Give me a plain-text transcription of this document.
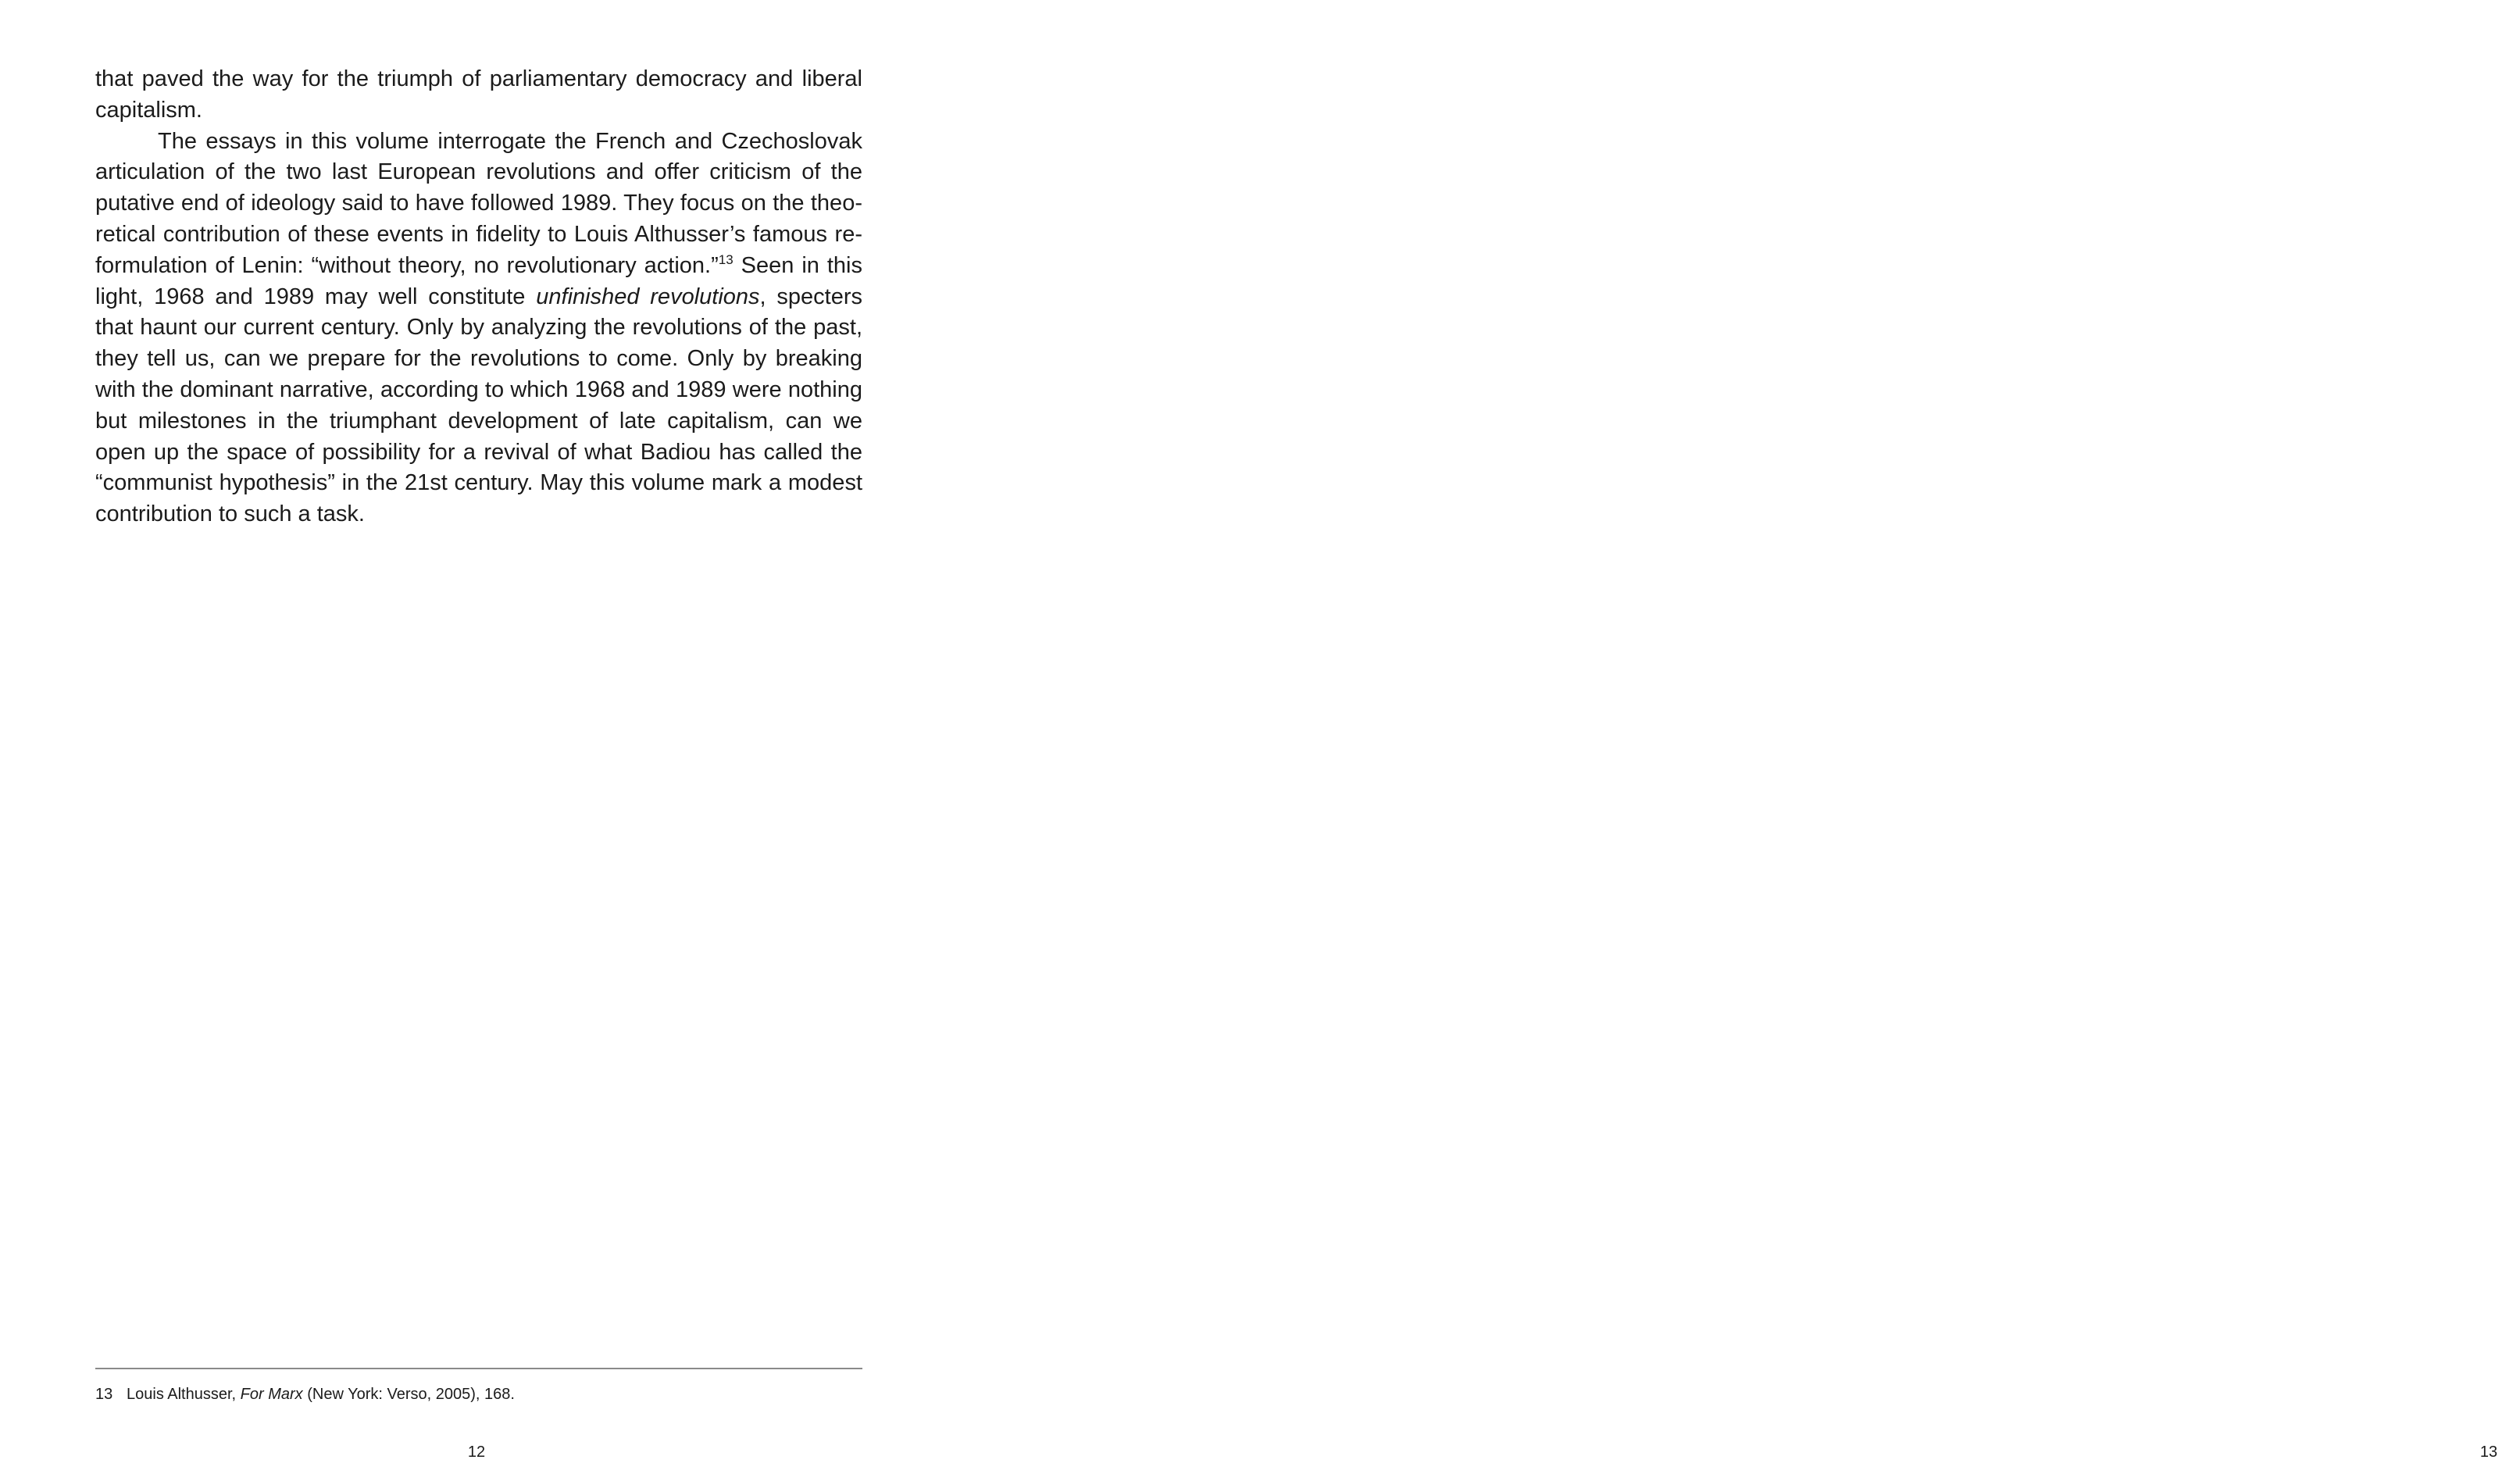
that paved the way for the triumph of parliamentary democracy and liberal capitalism.

The essays in this volume interrogate the French and Czechoslovak articulation of the two last European revolutions and offer criticism of the putative end of ideology said to have followed 1989. They focus on the theoretical contribution of these events in fidelity to Louis Althusser’s famous reformulation of Lenin: “without theory, no revolutionary action.”$^{13}$ Seen in this light, 1968 and 1989 may well constitute unfinished revolutions, specters that haunt our current century. Only by analyzing the revolutions of the past, they tell us, can we prepare for the revolutions to come. Only by breaking with the dominant narrative, according to which 1968 and 1989 were nothing but milestones in the triumphant development of late capitalism, can we open up the space of possibility for a revival of what Badiou has called the “communist hypothesis” in the 21st century. May this volume mark a modest contribution to such a task.

13 Louis Althusser, For Marx (New York: Verso, 2005), 168.
12	13
